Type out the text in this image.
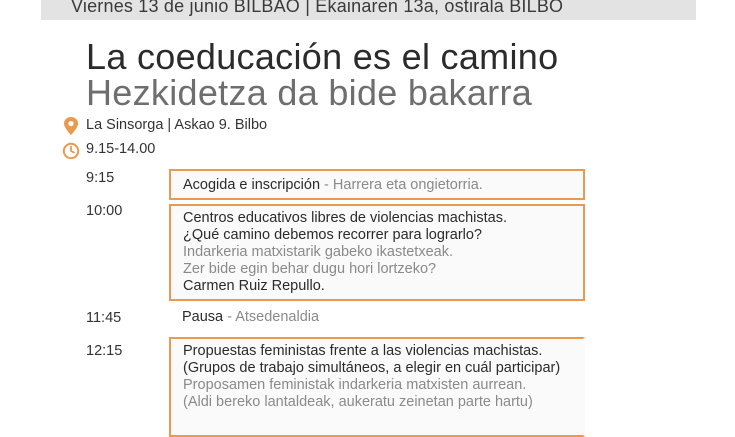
Viernes 13 de junio BILBAO | Ekainaren 13a, ostirala BILBO
La coeducación es el camino
Hezkidetza da bide bakarra
La Sinsorga | Askao 9. Bilbo
9.15-14.00
9:15	Acogida e inscripción - Harrera eta ongietorria.
10:00	Centros educativos libres de violencias machistas.
¿Qué camino debemos recorrer para lograrlo?
Indarkeria matxistarik gabeko ikastetxeak.
Zer bide egin behar dugu hori lortzeko?
Carmen Ruiz Repullo.
11:45	Pausa - Atsedenaldia
12:15	Propuestas feministas frente a las violencias machistas.
(Grupos de trabajo simultáneos, a elegir en cuál participar)
Proposamen feministak indarkeria matxisten aurrean.
(Aldi bereko lantaldeak, aukeratu zeinetan parte hartu)
